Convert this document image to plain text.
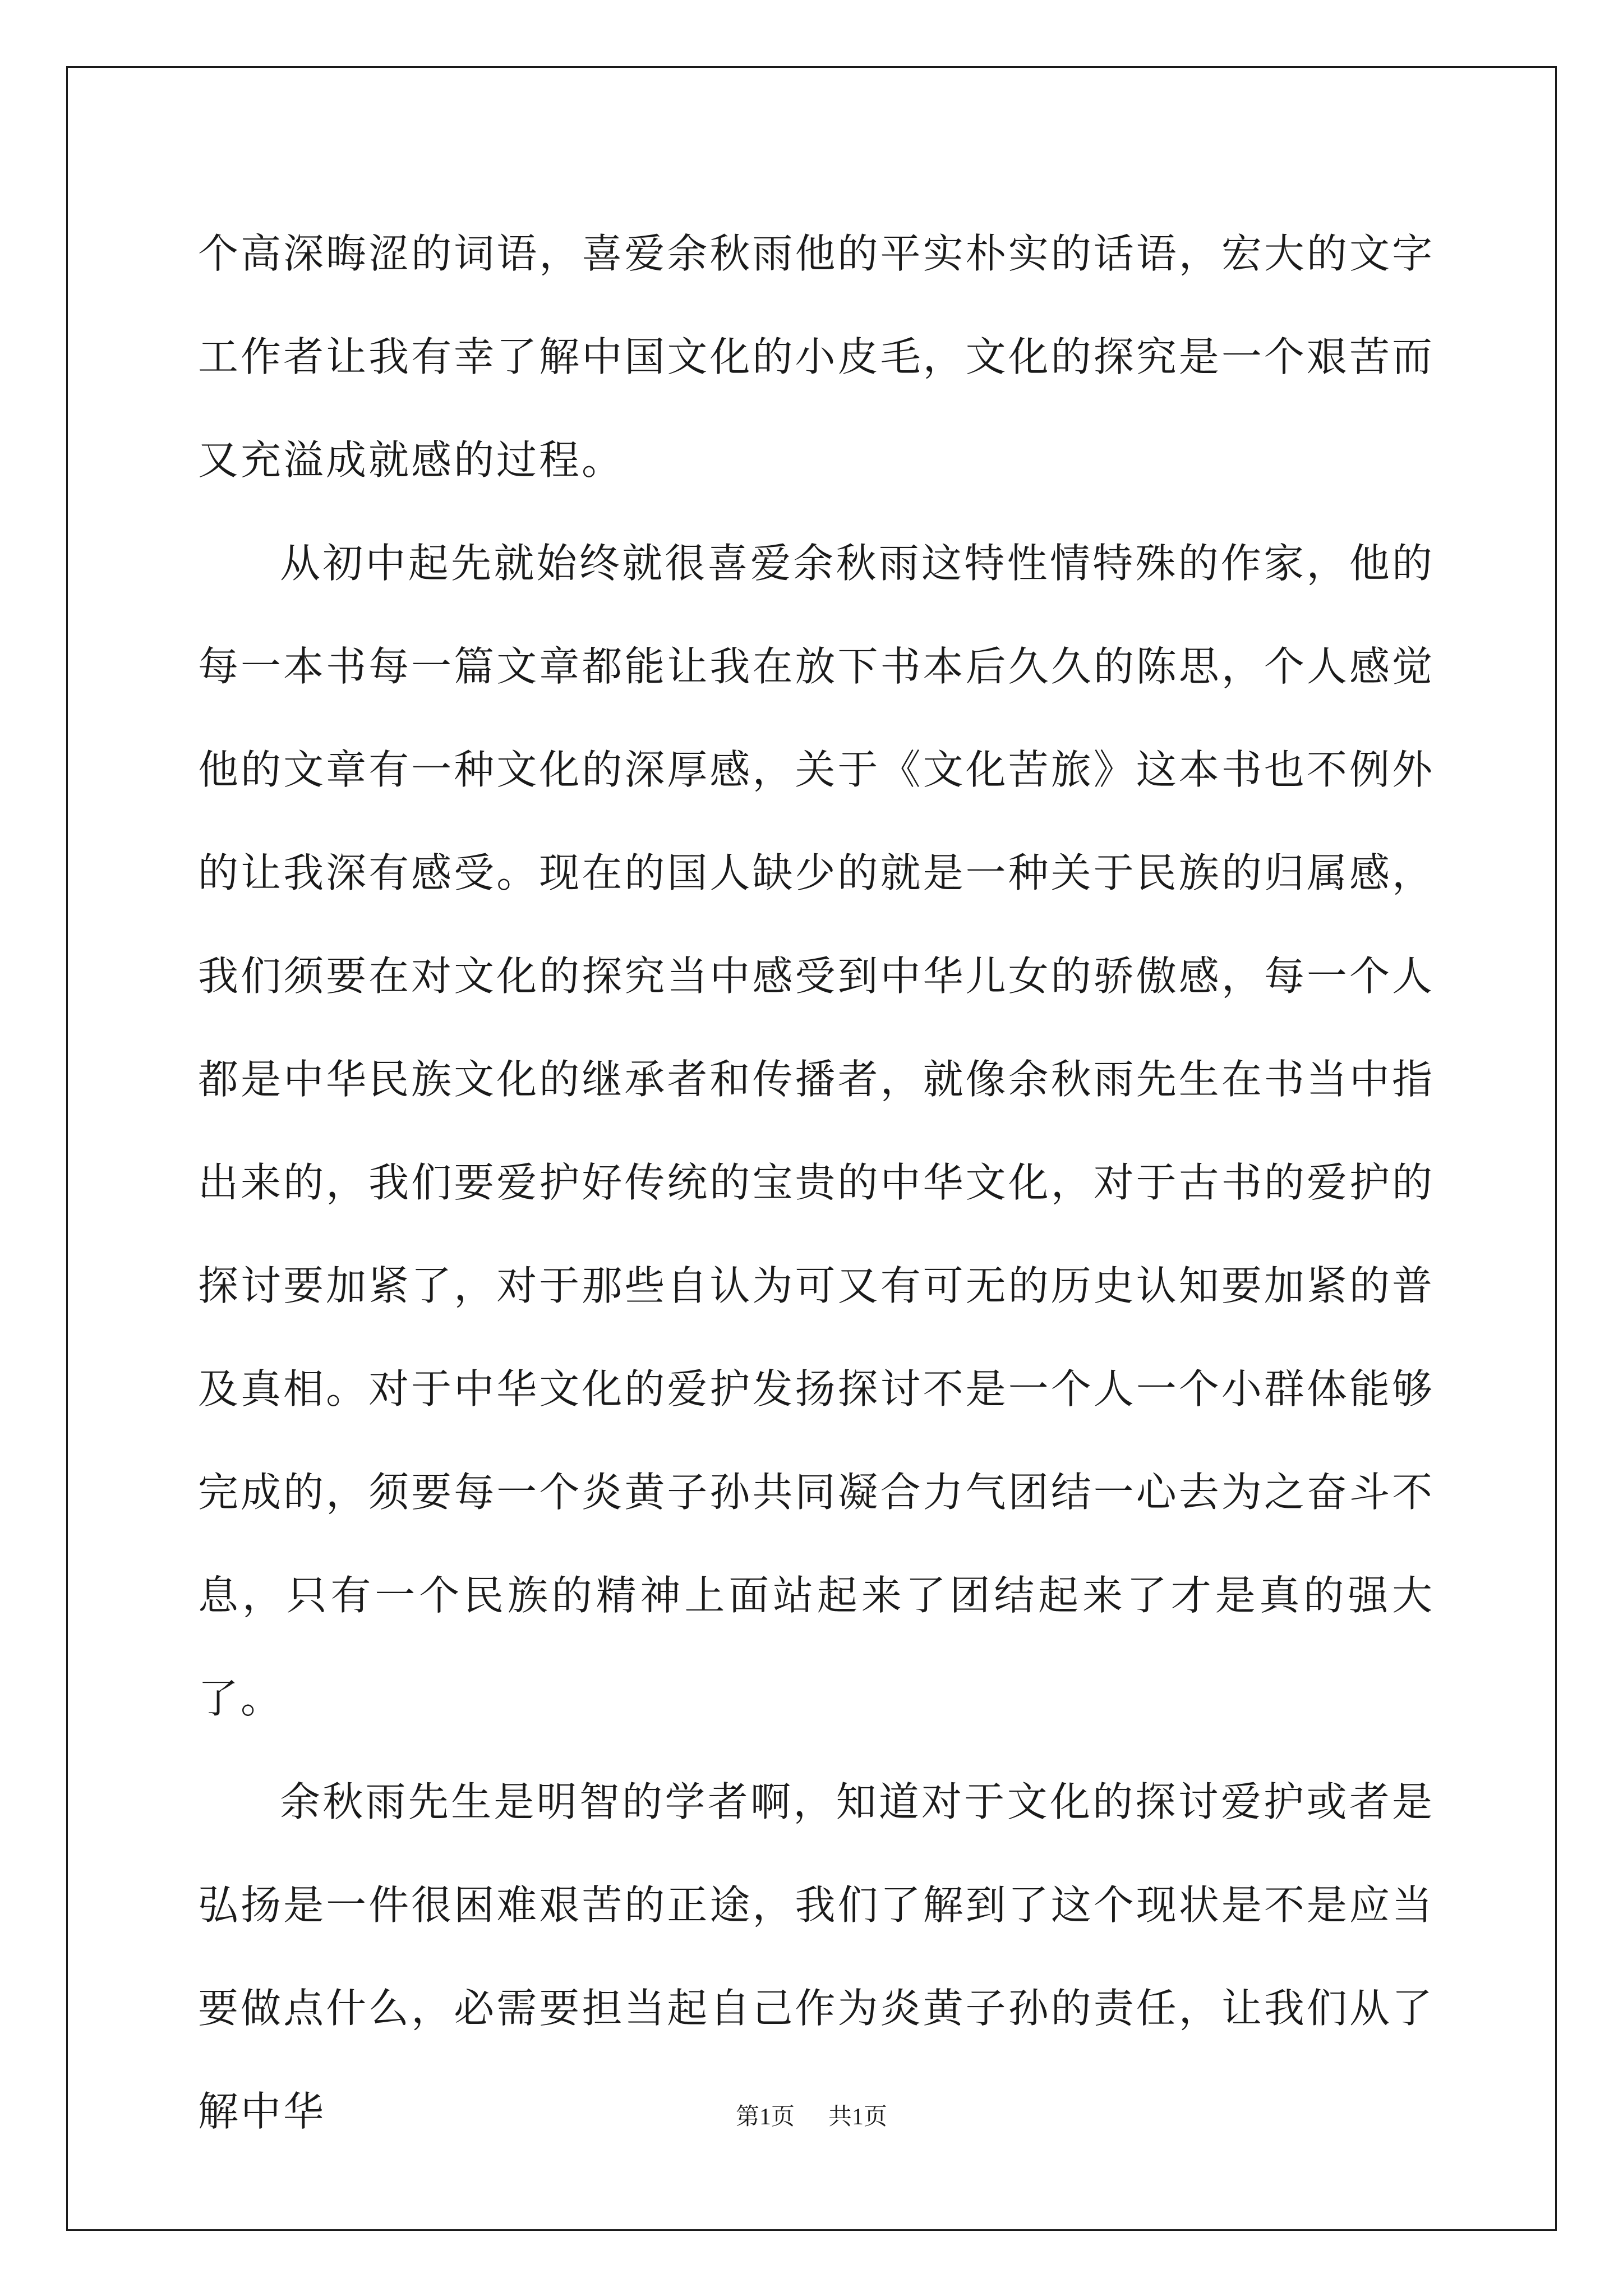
个高深晦涩的词语，喜爱余秋雨他的平实朴实的话语，宏大的文字工作者让我有幸了解中国文化的小皮毛，文化的探究是一个艰苦而又充溢成就感的过程。

从初中起先就始终就很喜爱余秋雨这特性情特殊的作家，他的每一本书每一篇文章都能让我在放下书本后久久的陈思，个人感觉他的文章有一种文化的深厚感，关于《文化苦旅》这本书也不例外的让我深有感受。现在的国人缺少的就是一种关于民族的归属感，我们须要在对文化的探究当中感受到中华儿女的骄傲感，每一个人都是中华民族文化的继承者和传播者，就像余秋雨先生在书当中指出来的，我们要爱护好传统的宝贵的中华文化，对于古书的爱护的探讨要加紧了，对于那些自认为可又有可无的历史认知要加紧的普及真相。对于中华文化的爱护发扬探讨不是一个人一个小群体能够完成的，须要每一个炎黄子孙共同凝合力气团结一心去为之奋斗不息，只有一个民族的精神上面站起来了团结起来了才是真的强大了。

余秋雨先生是明智的学者啊，知道对于文化的探讨爱护或者是弘扬是一件很困难艰苦的正途，我们了解到了这个现状是不是应当要做点什么，必需要担当起自己作为炎黄子孙的责任，让我们从了解中华	第1页 共1页
